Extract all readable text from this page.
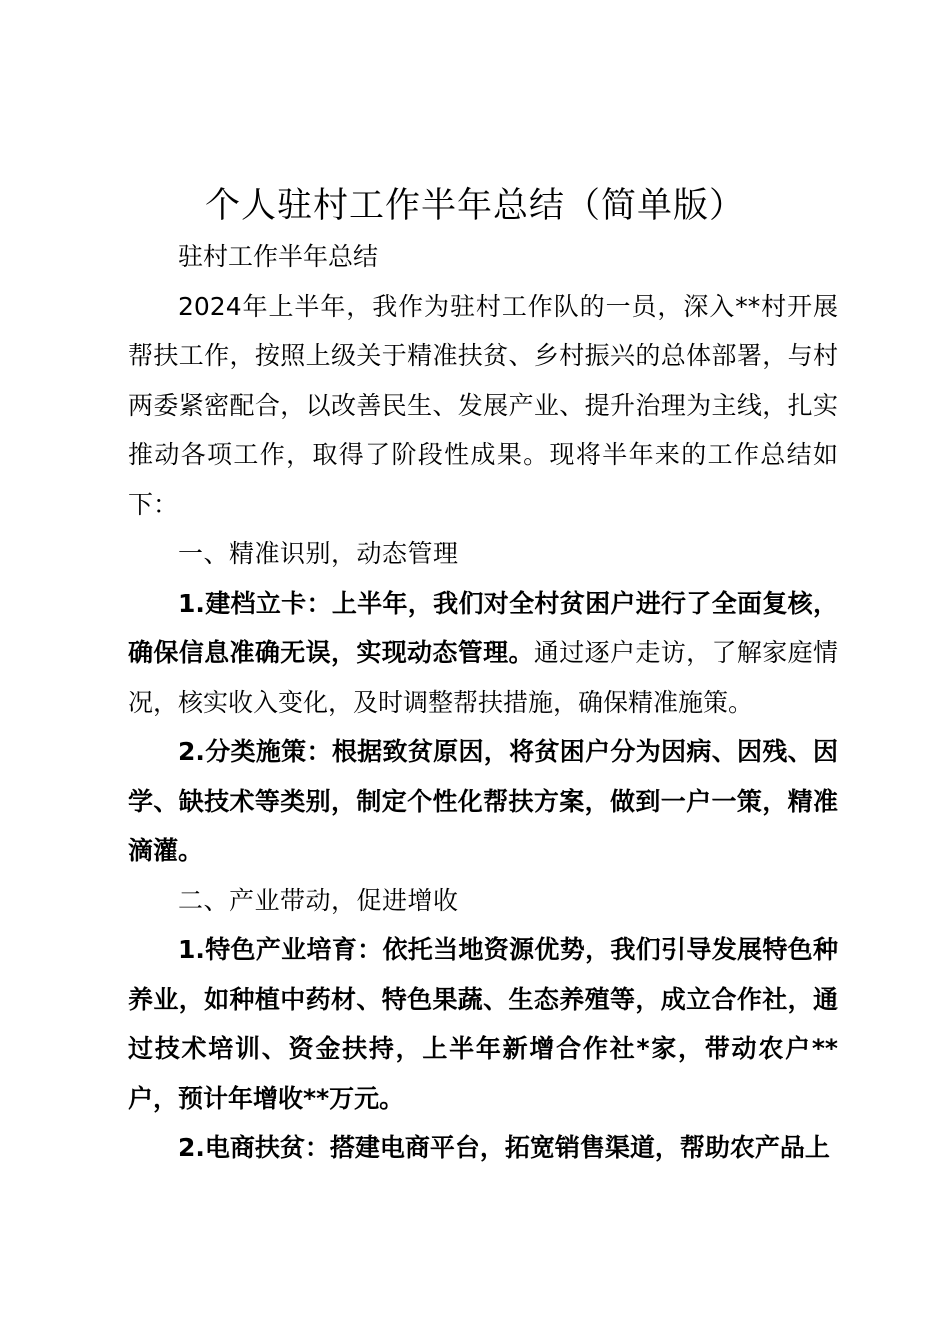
个人驻村工作半年总结（简单版）

驻村工作半年总结

2024年上半年，我作为驻村工作队的一员，深入**村开展帮扶工作，按照上级关于精准扶贫、乡村振兴的总体部署，与村两委紧密配合，以改善民生、发展产业、提升治理为主线，扎实推动各项工作，取得了阶段性成果。现将半年来的工作总结如下：

一、精准识别，动态管理

1.建档立卡：上半年，我们对全村贫困户进行了全面复核，确保信息准确无误，实现动态管理。通过逐户走访，了解家庭情况，核实收入变化，及时调整帮扶措施，确保精准施策。

2.分类施策：根据致贫原因，将贫困户分为因病、因残、因学、缺技术等类别，制定个性化帮扶方案，做到一户一策，精准滴灌。

二、产业带动，促进增收

1.特色产业培育：依托当地资源优势，我们引导发展特色种养业，如种植中药材、特色果蔬、生态养殖等，成立合作社，通过技术培训、资金扶持，上半年新增合作社*家，带动农户**户，预计年增收**万元。

2.电商扶贫：搭建电商平台，拓宽销售渠道，帮助农产品上
